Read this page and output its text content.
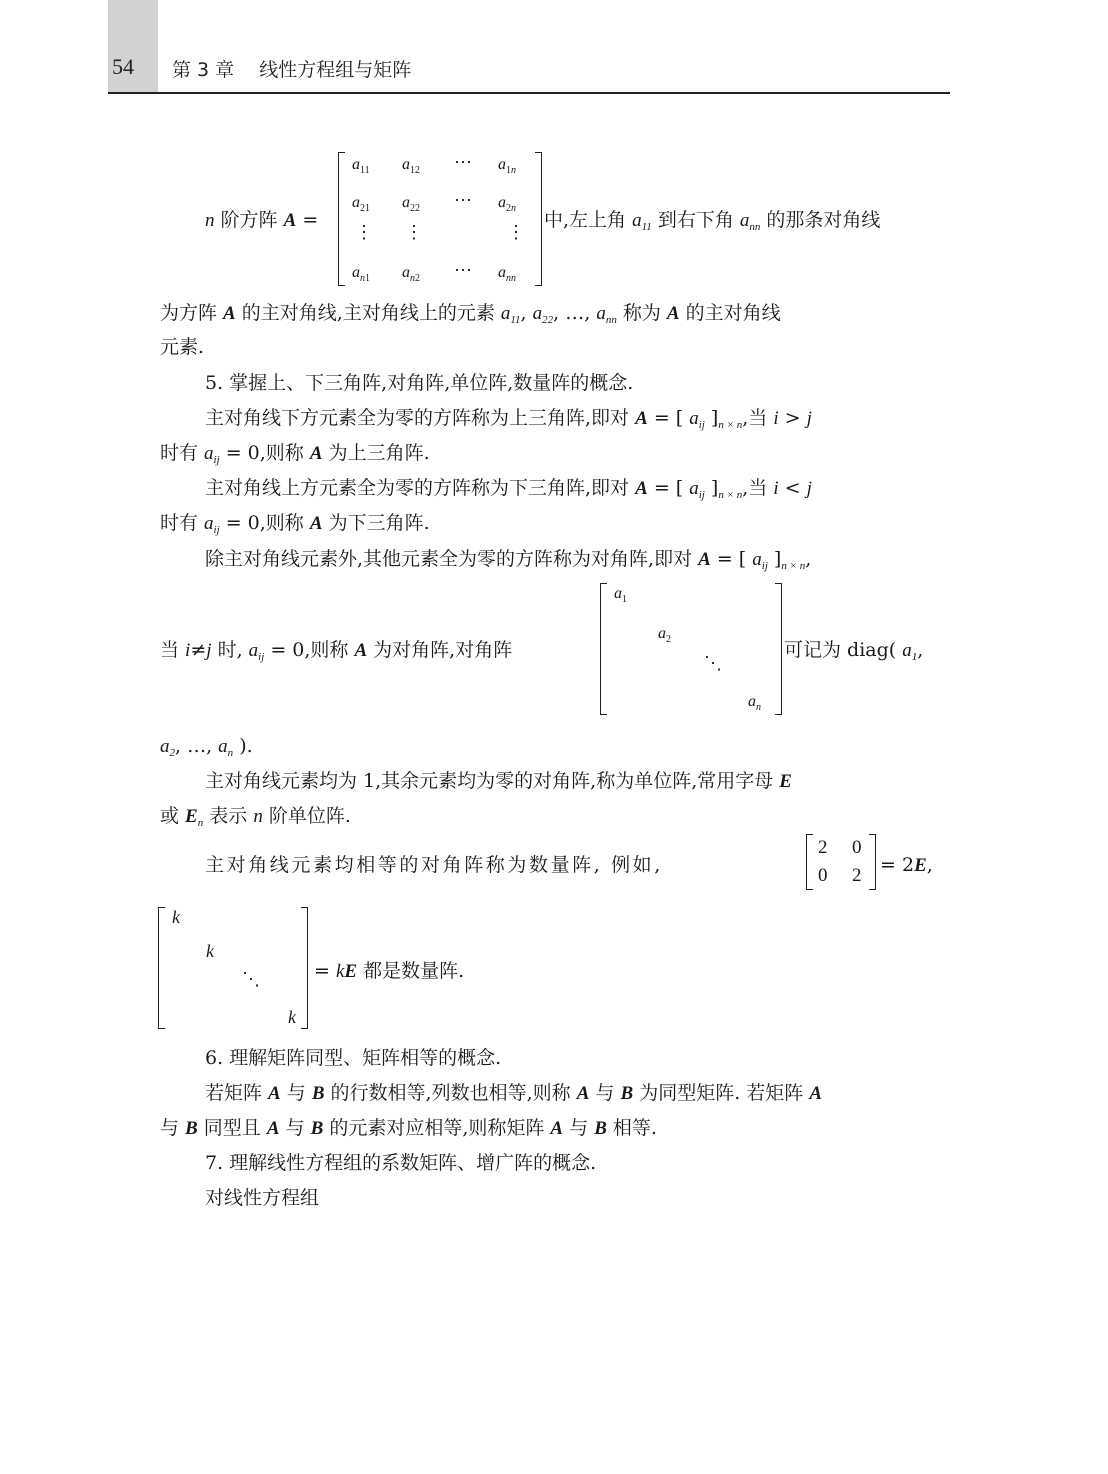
54 第 3 章　 线性方程组与矩阵
n 阶方阵 A =
$a_{11}$ $a_{12}$ ⋯ $a_{1n}$
$a_{21}$ $a_{22}$ ⋯ $a_{2n}$
⋮ ⋮	⋮
$a_{n1}$ $a_{n2}$ ⋯ $a_{nn}$
中,左上角 $a_{11}$ 到右下角 $a_{nn}$ 的那条对角线
为方阵 A 的主对角线,主对角线上的元素 $a_{11}$, $a_{22}$, …, $a_{nn}$ 称为 A 的主对角线
元素.
5. 掌握上、下三角阵,对角阵,单位阵,数量阵的概念.
主对角线下方元素全为零的方阵称为上三角阵,即对 A = [ $a_{ij}$ ]$_{n \times n}$,当 i > j
时有 $a_{ij} = 0$,则称 A 为上三角阵.
主对角线上方元素全为零的方阵称为下三角阵,即对 A = [ $a_{ij}$ ]$_{n \times n}$,当 i < j
时有 $a_{ij} = 0$,则称 A 为下三角阵.
除主对角线元素外,其他元素全为零的方阵称为对角阵,即对 A = [ $a_{ij}$ ]$_{n \times n}$,
当 i≠j 时, $a_{ij} = 0$,则称 A 为对角阵,对角阵
$a_1$
$a_2$
⋱
$a_n$
可记为 diag( $a_1$,
$a_2$, …, $a_n$ ).
主对角线元素均为 1,其余元素均为零的对角阵,称为单位阵,常用字母 E
或 $E_n$ 表示 n 阶单位阵.
主对角线元素均相等的对角阵称为数量阵, 例如,
2 0
0 2 = 2E,
k
k
⋱
k
= kE 都是数量阵.
6. 理解矩阵同型、矩阵相等的概念.
若矩阵 A 与 B 的行数相等,列数也相等,则称 A 与 B 为同型矩阵. 若矩阵 A
与 B 同型且 A 与 B 的元素对应相等,则称矩阵 A 与 B 相等.
7. 理解线性方程组的系数矩阵、增广阵的概念.
对线性方程组
